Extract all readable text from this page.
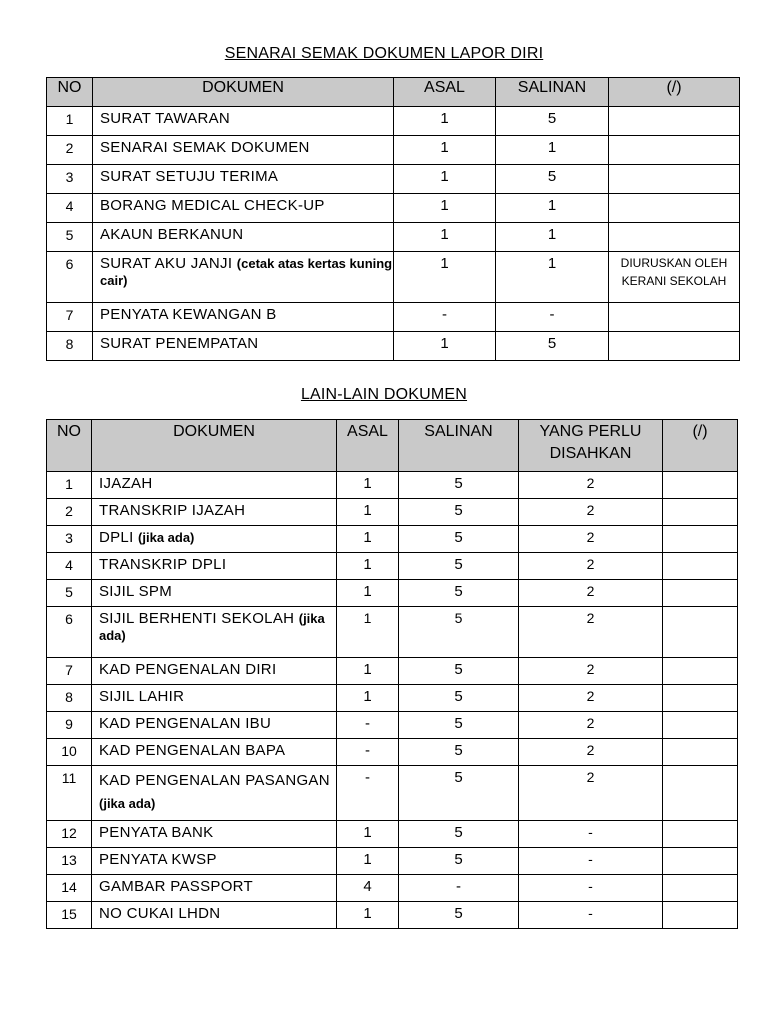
SENARAI SEMAK DOKUMEN LAPOR DIRI
NO	DOKUMEN	ASAL	SALINAN	(/)
1	SURAT TAWARAN	1	5	
2	SENARAI SEMAK DOKUMEN	1	1	
3	SURAT SETUJU TERIMA	1	5	
4	BORANG MEDICAL CHECK-UP	1	1	
5	AKAUN BERKANUN	1	1	
6	SURAT AKU JANJI (cetak atas kertas kuning cair)	1	1	DIURUSKAN OLEH KERANI SEKOLAH
7	PENYATA KEWANGAN B	-	-	
8	SURAT PENEMPATAN	1	5	
LAIN-LAIN DOKUMEN
NO	DOKUMEN	ASAL	SALINAN	YANG PERLU DISAHKAN	(/)
1	IJAZAH	1	5	2	
2	TRANSKRIP IJAZAH	1	5	2	
3	DPLI (jika ada)	1	5	2	
4	TRANSKRIP DPLI	1	5	2	
5	SIJIL SPM	1	5	2	
6	SIJIL BERHENTI SEKOLAH (jika ada)	1	5	2	
7	KAD PENGENALAN DIRI	1	5	2	
8	SIJIL LAHIR	1	5	2	
9	KAD PENGENALAN IBU	-	5	2	
10	KAD PENGENALAN BAPA	-	5	2	
11	KAD PENGENALAN PASANGAN (jika ada)	-	5	2	
12	PENYATA BANK	1	5	-	
13	PENYATA KWSP	1	5	-	
14	GAMBAR PASSPORT	4	-	-	
15	NO CUKAI LHDN	1	5	-	
